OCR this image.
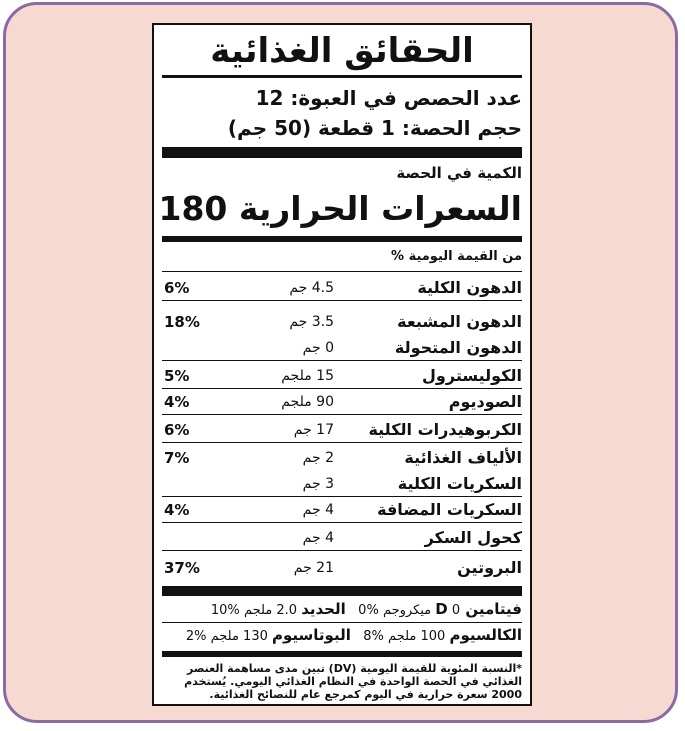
الحقائق الغذائية
عدد الحصص في العبوة: 12
حجم الحصة: 1 قطعة (50 جم)
الكمية في الحصة
السعرات الحرارية 180
من القيمة اليومية %
الدهون الكلية
4.5 جم
6%
الدهون المشبعة
3.5 جم
18%
الدهون المتحولة
0 جم
الكوليسترول
15 ملجم
5%
الصوديوم
90 ملجم
4%
الكربوهيدرات الكلية
17 جم
6%
الألياف الغذائية
2 جم
7%
السكريات الكلية
3 جم
السكريات المضافة
4 جم
4%
كحول السكر
4 جم
البروتين
21 جم
37%
فيتامين D 0 ميكروجم 0%   الحديد 2.0 ملجم 10%
الكالسيوم 100 ملجم 8%   البوتاسيوم 130 ملجم 2%
*النسبة المئوية للقيمة اليومية (DV) تبين مدى مساهمة العنصر الغذائي في الحصة الواحدة في النظام الغذائي اليومي. يُستخدم 2000 سعرة حرارية في اليوم كمرجع عام للنصائح الغذائية.
